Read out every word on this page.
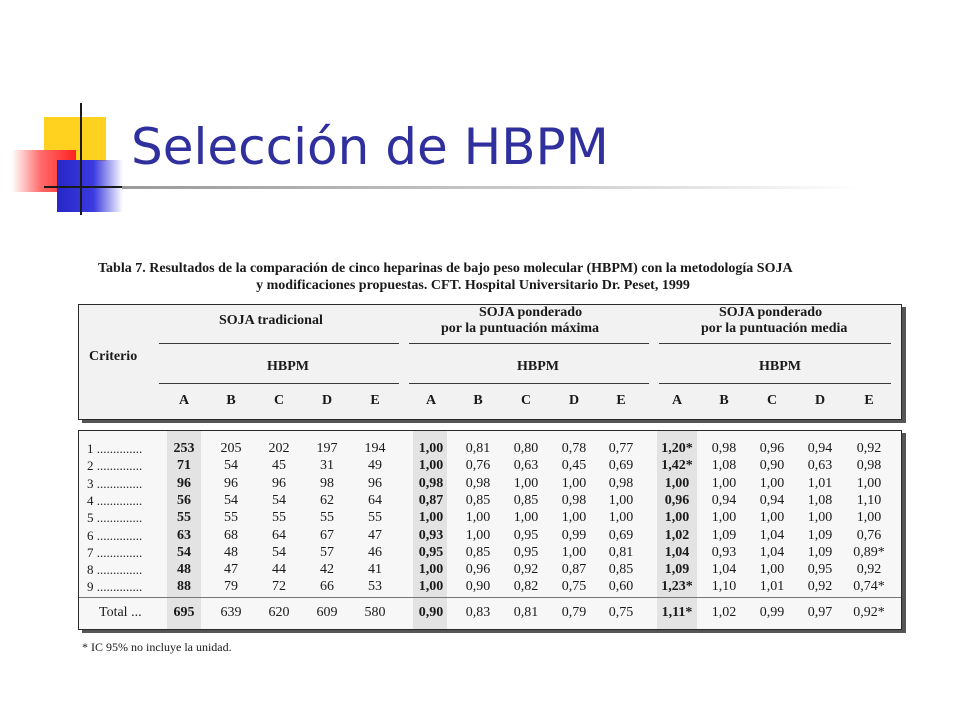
Selección de HBPM
Tabla 7. Resultados de la comparación de cinco heparinas de bajo peso molecular (HBPM) con la metodología SOJA
y modificaciones propuestas. CFT. Hospital Universitario Dr. Peset, 1999
Criterio
SOJA tradicional
HBPM
SOJA ponderado
por la puntuación máxima
HBPM
SOJA ponderado
por la puntuación media
HBPM
A	B	C	D	E	A	B	C	D	E	A	B	C	D	E
1 ..............	253	205	202	197	194	1,00	0,81	0,80	0,78	0,77	1,20*	0,98	0,96	0,94	0,92
2 ..............	71	54	45	31	49	1,00	0,76	0,63	0,45	0,69	1,42*	1,08	0,90	0,63	0,98
3 ..............	96	96	96	98	96	0,98	0,98	1,00	1,00	0,98	1,00	1,00	1,00	1,01	1,00
4 ..............	56	54	54	62	64	0,87	0,85	0,85	0,98	1,00	0,96	0,94	0,94	1,08	1,10
5 ..............	55	55	55	55	55	1,00	1,00	1,00	1,00	1,00	1,00	1,00	1,00	1,00	1,00
6 ..............	63	68	64	67	47	0,93	1,00	0,95	0,99	0,69	1,02	1,09	1,04	1,09	0,76
7 ..............	54	48	54	57	46	0,95	0,85	0,95	1,00	0,81	1,04	0,93	1,04	1,09	0,89*
8 ..............	48	47	44	42	41	1,00	0,96	0,92	0,87	0,85	1,09	1,04	1,00	0,95	0,92
9 ..............	88	79	72	66	53	1,00	0,90	0,82	0,75	0,60	1,23*	1,10	1,01	0,92	0,74*
Total ...	695	639	620	609	580	0,90	0,83	0,81	0,79	0,75	1,11*	1,02	0,99	0,97	0,92*
* IC 95% no incluye la unidad.
